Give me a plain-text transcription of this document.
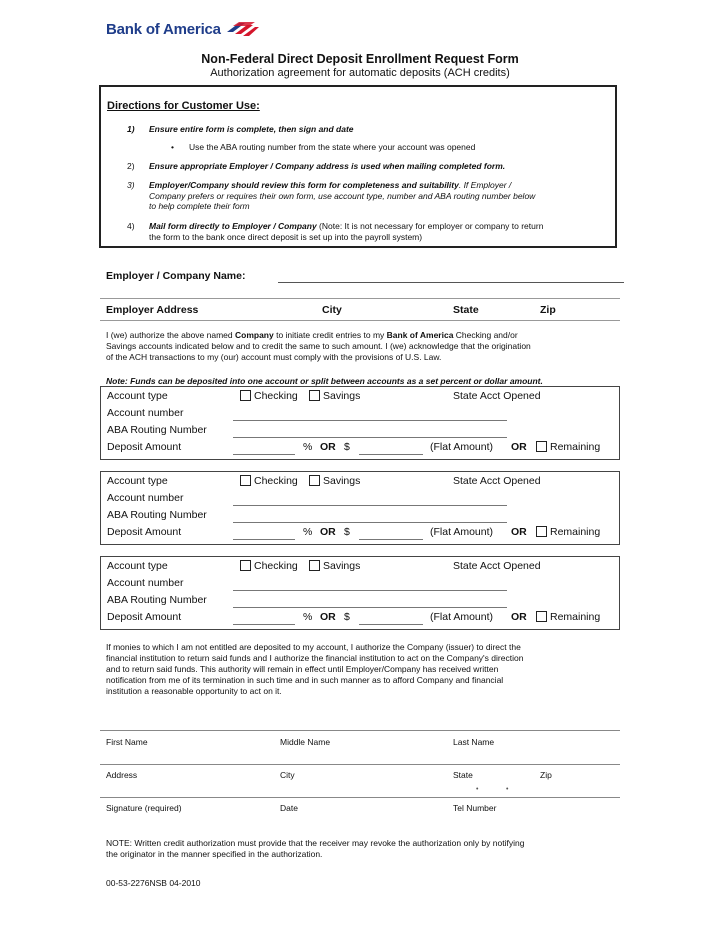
Bank of America
Non-Federal Direct Deposit Enrollment Request Form
Authorization agreement for automatic deposits (ACH credits)
Directions for Customer Use:
1) Ensure entire form is complete, then sign and date
• Use the ABA routing number from the state where your account was opened
2) Ensure appropriate Employer / Company address is used when mailing completed form.
3) Employer/Company should review this form for completeness and suitability. If Employer /
Company prefers or requires their own form, use account type, number and ABA routing number below
to help complete their form
4) Mail form directly to Employer / Company (Note: It is not necessary for employer or company to return
the form to the bank once direct deposit is set up into the payroll system)
Employer / Company Name:
Employer Address	City	State	Zip
I (we) authorize the above named Company to initiate credit entries to my Bank of America Checking and/or
Savings accounts indicated below and to credit the same to such amount. I (we) acknowledge that the origination
of the ACH transactions to my (our) account must comply with the provisions of U.S. Law.
Note: Funds can be deposited into one account or split between accounts as a set percent or dollar amount.
Account type	Checking	Savings	State Acct Opened
Account number
ABA Routing Number
Deposit Amount	% OR $	(Flat Amount) OR	Remaining
Account type	Checking	Savings	State Acct Opened
Account number
ABA Routing Number
Deposit Amount	% OR $	(Flat Amount) OR	Remaining
Account type	Checking	Savings	State Acct Opened
Account number
ABA Routing Number
Deposit Amount	% OR $	(Flat Amount) OR	Remaining
If monies to which I am not entitled are deposited to my account, I authorize the Company (issuer) to direct the
financial institution to return said funds and I authorize the financial institution to act on the Company's direction
and to return said funds. This authority will remain in effect until Employer/Company has received written
notification from me of its termination in such time and in such manner as to afford Company and financial
institution a reasonable opportunity to act on it.
First Name	Middle Name	Last Name
Address	City	State	Zip
•	•
Signature (required)	Date	Tel Number
NOTE: Written credit authorization must provide that the receiver may revoke the authorization only by notifying
the originator in the manner specified in the authorization.
00-53-2276NSB 04-2010
